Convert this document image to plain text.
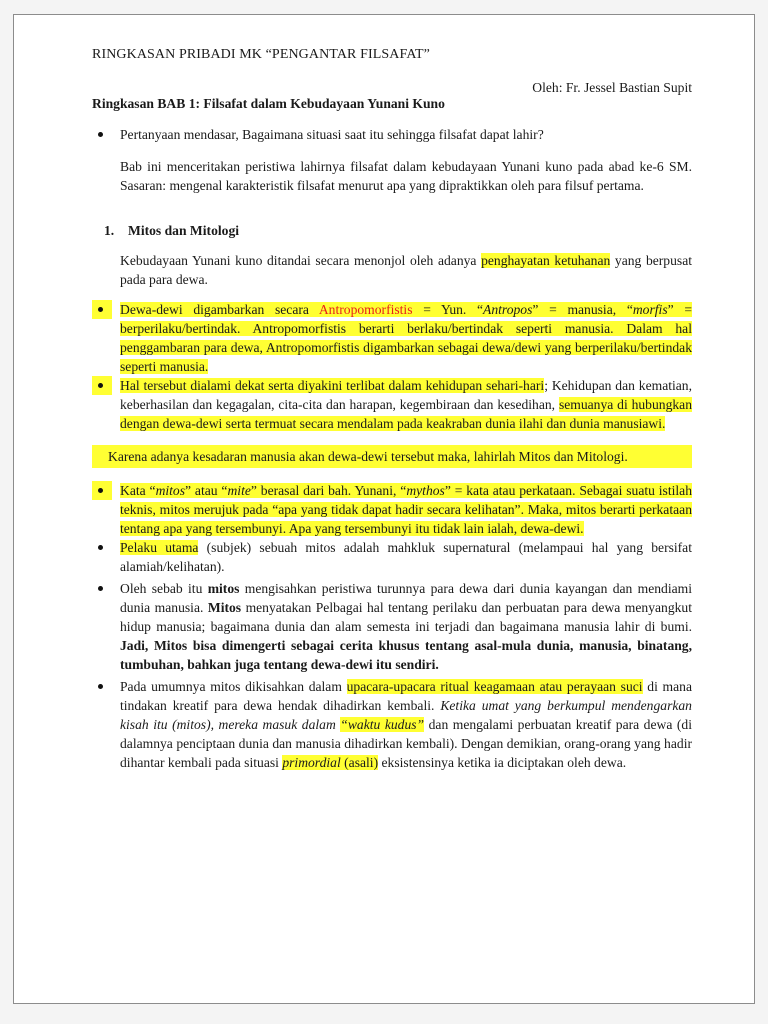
RINGKASAN PRIBADI MK “PENGANTAR FILSAFAT”
Oleh: Fr. Jessel Bastian Supit
Ringkasan BAB 1: Filsafat dalam Kebudayaan Yunani Kuno
Pertanyaan mendasar, Bagaimana situasi saat itu sehingga filsafat dapat lahir?

Bab ini menceritakan peristiwa lahirnya filsafat dalam kebudayaan Yunani kuno pada abad ke-6 SM. Sasaran: mengenal karakteristik filsafat menurut apa yang dipraktikkan oleh para filsuf pertama.

1. Mitos dan Mitologi

Kebudayaan Yunani kuno ditandai secara menonjol oleh adanya penghayatan ketuhanan yang berpusat pada para dewa.

Dewa-dewi digambarkan secara Antropomorfistis = Yun. “Antropos” = manusia, “morfis” = berperilaku/bertindak. Antropomorfistis berarti berlaku/bertindak seperti manusia. Dalam hal penggambaran para dewa, Antropomorfistis digambarkan sebagai dewa/dewi yang berperilaku/bertindak seperti manusia.
Hal tersebut dialami dekat serta diyakini terlibat dalam kehidupan sehari-hari; Kehidupan dan kematian, keberhasilan dan kegagalan, cita-cita dan harapan, kegembiraan dan kesedihan, semuanya di hubungkan dengan dewa-dewi serta termuat secara mendalam pada keakraban dunia ilahi dan dunia manusiawi.

Karena adanya kesadaran manusia akan dewa-dewi tersebut maka, lahirlah Mitos dan Mitologi.

Kata “mitos” atau “mite” berasal dari bah. Yunani, “mythos” = kata atau perkataan. Sebagai suatu istilah teknis, mitos merujuk pada “apa yang tidak dapat hadir secara kelihatan”. Maka, mitos berarti perkataan tentang apa yang tersembunyi. Apa yang tersembunyi itu tidak lain ialah, dewa-dewi.
Pelaku utama (subjek) sebuah mitos adalah mahkluk supernatural (melampaui hal yang bersifat alamiah/kelihatan).
Oleh sebab itu mitos mengisahkan peristiwa turunnya para dewa dari dunia kayangan dan mendiami dunia manusia. Mitos menyatakan Pelbagai hal tentang perilaku dan perbuatan para dewa menyangkut hidup manusia; bagaimana dunia dan alam semesta ini terjadi dan bagaimana manusia lahir di bumi. Jadi, Mitos bisa dimengerti sebagai cerita khusus tentang asal-mula dunia, manusia, binatang, tumbuhan, bahkan juga tentang dewa-dewi itu sendiri.
Pada umumnya mitos dikisahkan dalam upacara-upacara ritual keagamaan atau perayaan suci di mana tindakan kreatif para dewa hendak dihadirkan kembali. Ketika umat yang berkumpul mendengarkan kisah itu (mitos), mereka masuk dalam “waktu kudus” dan mengalami perbuatan kreatif para dewa (di dalamnya penciptaan dunia dan manusia dihadirkan kembali). Dengan demikian, orang-orang yang hadir dihantar kembali pada situasi primordial (asali) eksistensinya ketika ia diciptakan oleh dewa.
